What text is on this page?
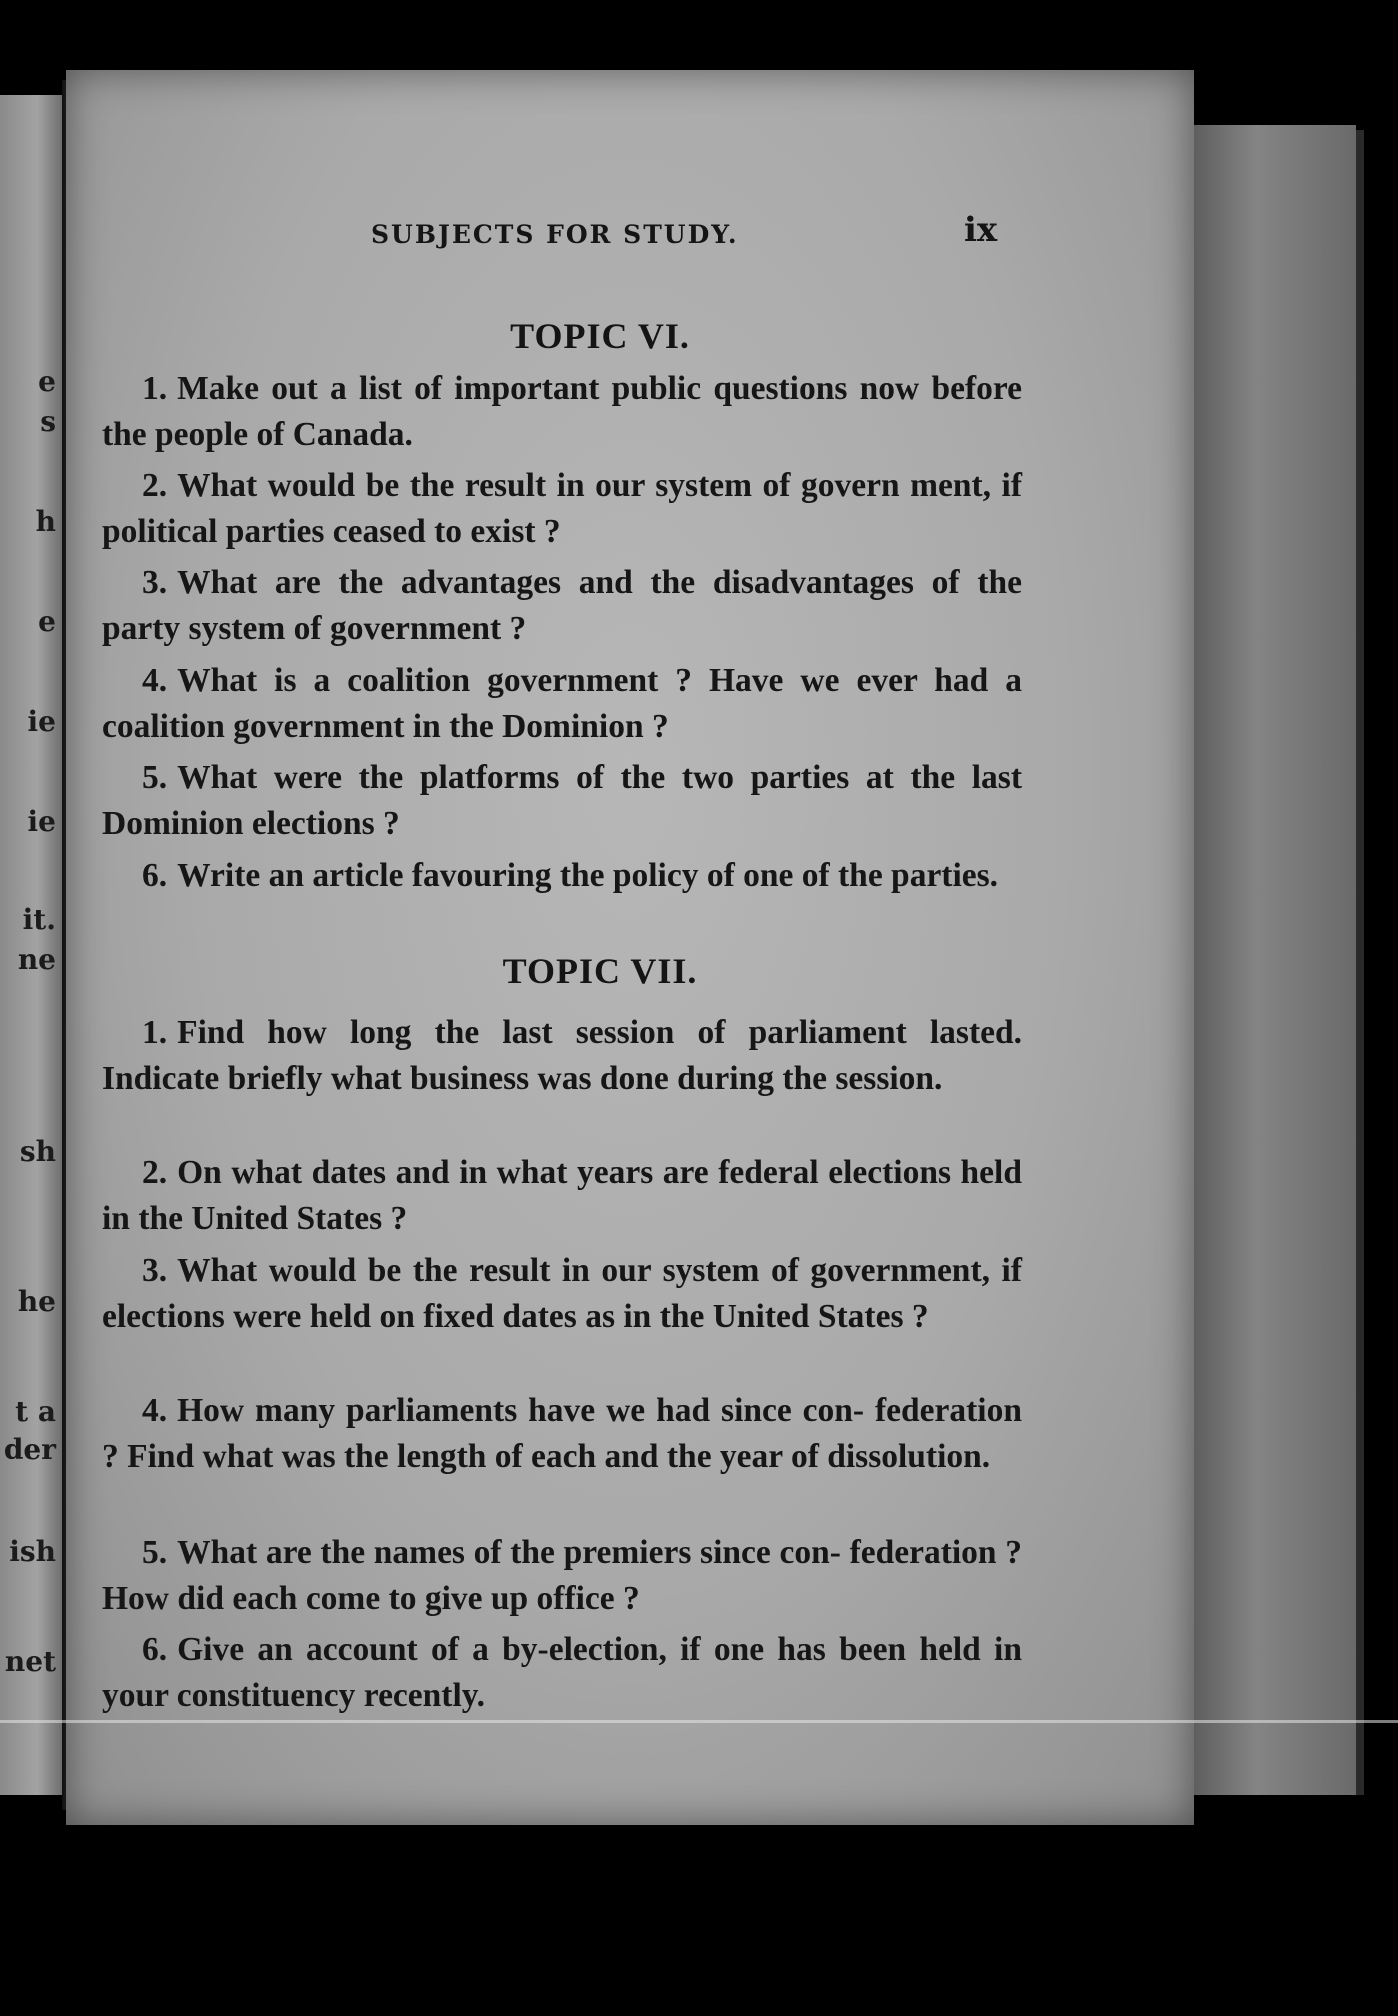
e
s
h
e
ie
ie
it.
ne
sh
he
t a
der
ish
net
SUBJECTS FOR STUDY.	ix
TOPIC VI.

1. Make out a list of important public questions now before the people of Canada.

2. What would be the result in our system of govern ment, if political parties ceased to exist ?

3. What are the advantages and the disadvantages of the party system of government ?

4. What is a coalition government ? Have we ever had a coalition government in the Dominion ?

5. What were the platforms of the two parties at the last Dominion elections ?

6. Write an article favouring the policy of one of the parties.

TOPIC VII.

1. Find how long the last session of parliament lasted. Indicate briefly what business was done during the session.

2. On what dates and in what years are federal elections held in the United States ?

3. What would be the result in our system of government, if elections were held on fixed dates as in the United States ?

4. How many parliaments have we had since con- federation ? Find what was the length of each and the year of dissolution.

5. What are the names of the premiers since con- federation ? How did each come to give up office ?

6. Give an account of a by-election, if one has been held in your constituency recently.
